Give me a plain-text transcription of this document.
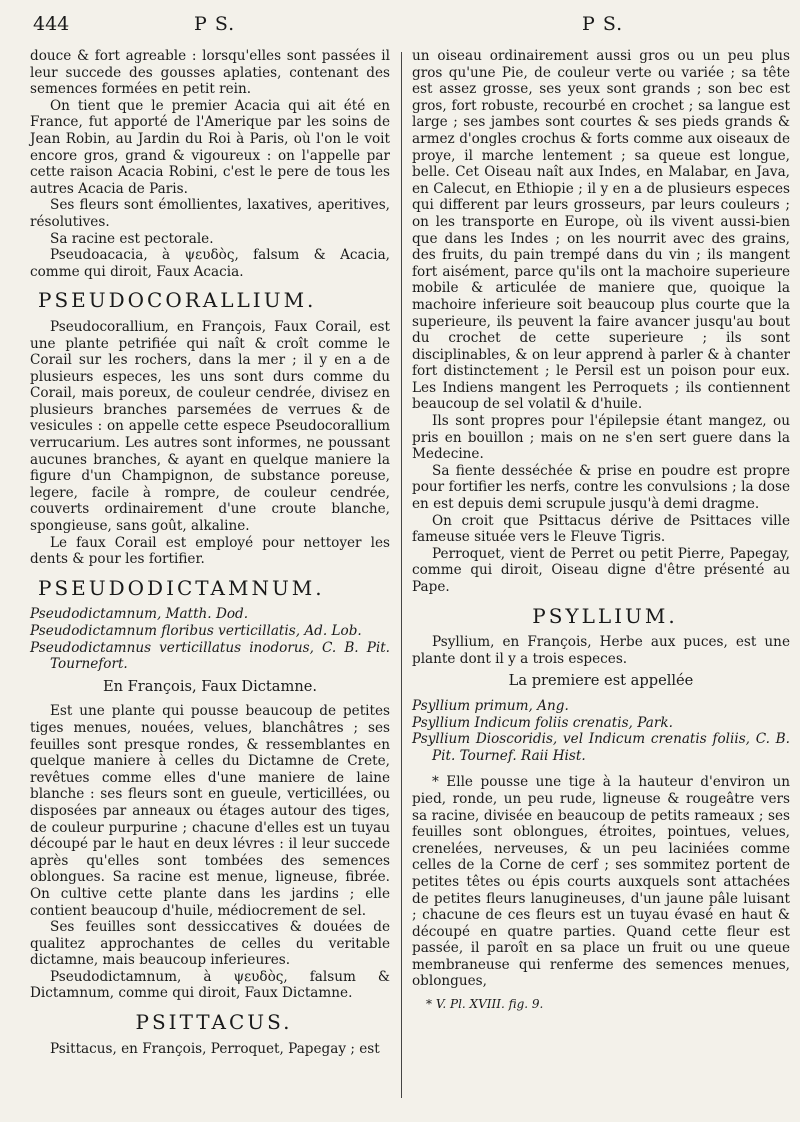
444	P S.	P S.

douce & fort agreable : lorsqu'elles sont passées il leur succede des gousses aplaties, contenant des semences formées en petit rein.

On tient que le premier Acacia qui ait été en France, fut apporté de l'Amerique par les soins de Jean Robin, au Jardin du Roi à Paris, où l'on le voit encore gros, grand & vigoureux : on l'appelle par cette raison Acacia Robini, c'est le pere de tous les autres Acacia de Paris.

Ses fleurs sont émollientes, laxatives, aperitives, résolutives.

Sa racine est pectorale.

Pseudoacacia, à ψευδὸς, falsum & Acacia, comme qui diroit, Faux Acacia.

PSEUDOCORALLIUM.

Pseudocorallium, en François, Faux Corail, est une plante petrifiée qui naît & croît comme le Corail sur les rochers, dans la mer ; il y en a de plusieurs especes, les uns sont durs comme du Corail, mais poreux, de couleur cendrée, divisez en plusieurs branches parsemées de verrues & de vesicules : on appelle cette espece Pseudocorallium verrucarium. Les autres sont informes, ne poussant aucunes branches, & ayant en quelque maniere la figure d'un Champignon, de substance poreuse, legere, facile à rompre, de couleur cendrée, couverts ordinairement d'une croute blanche, spongieuse, sans goût, alkaline.

Le faux Corail est employé pour nettoyer les dents & pour les fortifier.

PSEUDODICTAMNUM.

Pseudodictamnum, Matth. Dod.

Pseudodictamnum floribus verticillatis, Ad. Lob.

Pseudodictamnus verticillatus inodorus, C. B. Pit. Tournefort.

En François, Faux Dictamne.

Est une plante qui pousse beaucoup de petites tiges menues, nouées, velues, blanchâtres ; ses feuilles sont presque rondes, & ressemblantes en quelque maniere à celles du Dictamne de Crete, revêtues comme elles d'une maniere de laine blanche : ses fleurs sont en gueule, verticillées, ou disposées par anneaux ou étages autour des tiges, de couleur purpurine ; chacune d'elles est un tuyau découpé par le haut en deux lévres : il leur succede après qu'elles sont tombées des semences oblongues. Sa racine est menue, ligneuse, fibrée. On cultive cette plante dans les jardins ; elle contient beaucoup d'huile, médiocrement de sel.

Ses feuilles sont dessiccatives & douées de qualitez approchantes de celles du veritable dictamne, mais beaucoup inferieures.

Pseudodictamnum, à ψευδὸς, falsum & Dictamnum, comme qui diroit, Faux Dictamne.

PSITTACUS.

Psittacus, en François, Perroquet, Papegay ; est

un oiseau ordinairement aussi gros ou un peu plus gros qu'une Pie, de couleur verte ou variée ; sa tête est assez grosse, ses yeux sont grands ; son bec est gros, fort robuste, recourbé en crochet ; sa langue est large ; ses jambes sont courtes & ses pieds grands & armez d'ongles crochus & forts comme aux oiseaux de proye, il marche lentement ; sa queue est longue, belle. Cet Oiseau naît aux Indes, en Malabar, en Java, en Calecut, en Ethiopie ; il y en a de plusieurs especes qui different par leurs grosseurs, par leurs couleurs ; on les transporte en Europe, où ils vivent aussi-bien que dans les Indes ; on les nourrit avec des grains, des fruits, du pain trempé dans du vin ; ils mangent fort aisément, parce qu'ils ont la machoire superieure mobile & articulée de maniere que, quoique la machoire inferieure soit beaucoup plus courte que la superieure, ils peuvent la faire avancer jusqu'au bout du crochet de cette superieure ; ils sont disciplinables, & on leur apprend à parler & à chanter fort distinctement ; le Persil est un poison pour eux. Les Indiens mangent les Perroquets ; ils contiennent beaucoup de sel volatil & d'huile.

Ils sont propres pour l'épilepsie étant mangez, ou pris en bouillon ; mais on ne s'en sert guere dans la Medecine.

Sa fiente desséchée & prise en poudre est propre pour fortifier les nerfs, contre les convulsions ; la dose en est depuis demi scrupule jusqu'à demi dragme.

On croit que Psittacus dérive de Psittaces ville fameuse située vers le Fleuve Tigris.

Perroquet, vient de Perret ou petit Pierre, Papegay, comme qui diroit, Oiseau digne d'être présenté au Pape.

PSYLLIUM.

Psyllium, en François, Herbe aux puces, est une plante dont il y a trois especes.

La premiere est appellée

Psyllium primum, Ang.

Psyllium Indicum foliis crenatis, Park.

Psyllium Dioscoridis, vel Indicum crenatis foliis, C. B. Pit. Tournef. Raii Hist.

* Elle pousse une tige à la hauteur d'environ un pied, ronde, un peu rude, ligneuse & rougeâtre vers sa racine, divisée en beaucoup de petits rameaux ; ses feuilles sont oblongues, étroites, pointues, velues, crenelées, nerveuses, & un peu laciniées comme celles de la Corne de cerf ; ses sommitez portent de petites têtes ou épis courts auxquels sont attachées de petites fleurs lanugineuses, d'un jaune pâle luisant ; chacune de ces fleurs est un tuyau évasé en haut & découpé en quatre parties. Quand cette fleur est passée, il paroît en sa place un fruit ou une queue membraneuse qui renferme des semences menues, oblongues,

* V. Pl. XVIII. fig. 9.
